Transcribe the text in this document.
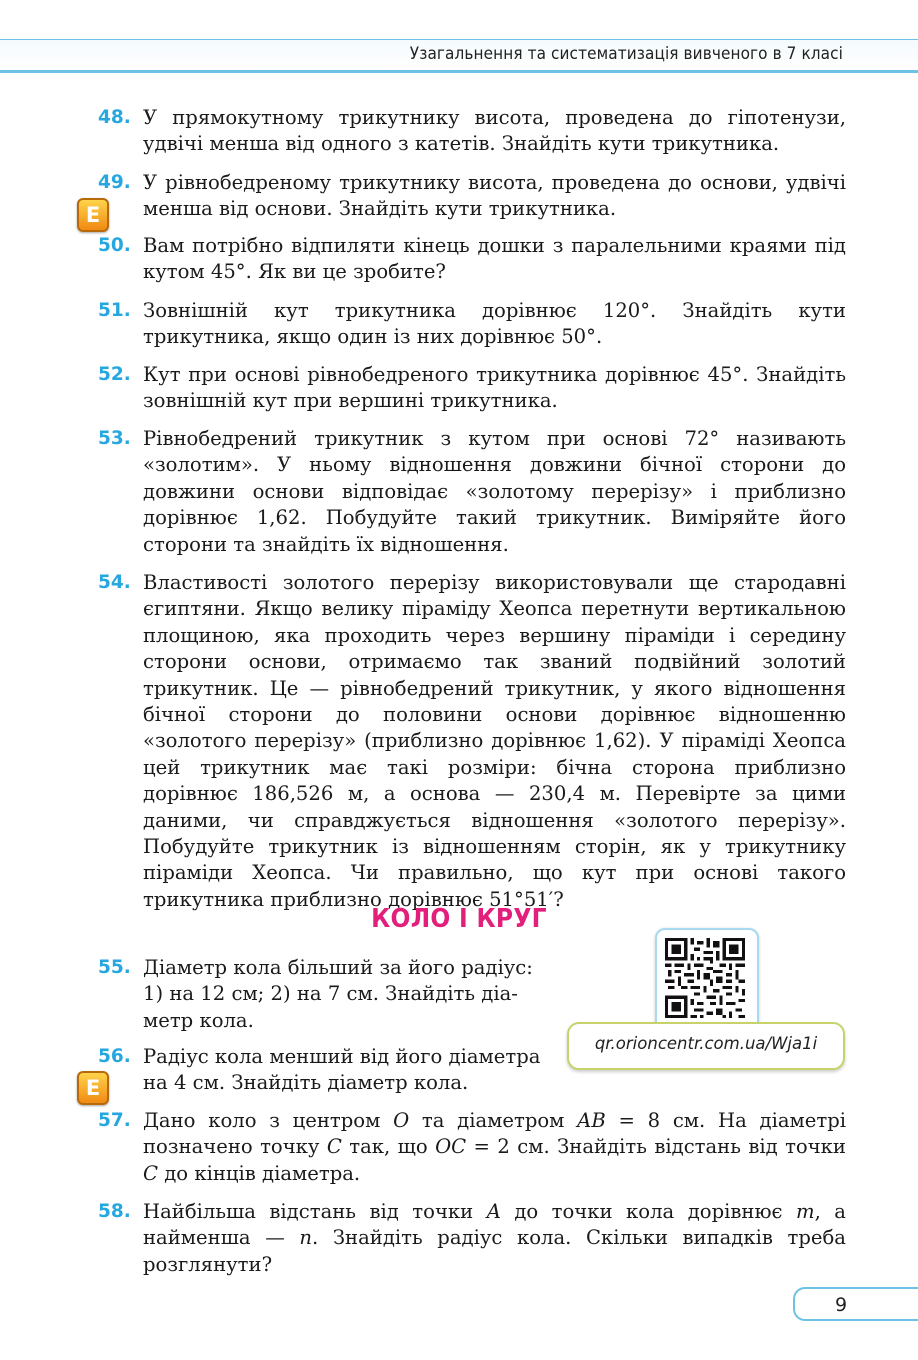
Узагальнення та систематизація вивченого в 7 класі
48. У прямокутному трикутнику висота, проведена до гіпотенузи, удвічі менша від одного з катетів. Знайдіть кути трикутника.
49. У рівнобедреному трикутнику висота, проведена до основи, удвічі менша від основи. Знайдіть кути трикутника.
E
50. Вам потрібно відпиляти кінець дошки з паралельними краями під кутом 45°. Як ви це зробите?
51. Зовнішній кут трикутника дорівнює 120°. Знайдіть кути трикутника, якщо один із них дорівнює 50°.
52. Кут при основі рівнобедреного трикутника дорівнює 45°. Знайдіть зовнішній кут при вершині трикутника.
53. Рівнобедрений трикутник з кутом при основі 72° називають «золотим». У ньому відношення довжини бічної сторони до довжини основи відповідає «золотому перерізу» і приблизно дорівнює 1,62. Побудуйте такий трикутник. Виміряйте його сторони та знайдіть їх відношення.
54. Властивості золотого перерізу використовували ще стародавні єгиптяни. Якщо велику піраміду Хеопса перетнути вертикальною площиною, яка проходить через вершину піраміди і середину сторони основи, отримаємо так званий подвійний золотий трикутник. Це — рівнобедрений трикутник, у якого відношення бічної сторони до половини основи дорівнює відношенню «золотого перерізу» (приблизно дорівнює 1,62). У піраміді Хеопса цей трикутник має такі розміри: бічна сторона приблизно дорівнює 186,526 м, а основа — 230,4 м. Перевірте за цими даними, чи справджується відношення «золотого перерізу». Побудуйте трикутник із відношенням сторін, як у трикутнику піраміди Хеопса. Чи правильно, що кут при основі такого трикутника приблизно дорівнює 51°51′?
КОЛО І КРУГ
qr.orioncentr.com.ua/Wja1i
55. Діаметр кола більший за його радіус:
1) на 12 см; 2) на 7 см. Знайдіть діа-
метр кола.
56. Радіус кола менший від його діаметра
на 4 см. Знайдіть діаметр кола.
E
57. Дано коло з центром O та діаметром AB = 8 см. На діаметрі позначено точку C так, що OC = 2 см. Знайдіть відстань від точки C до кінців діаметра.
58. Найбільша відстань від точки A до точки кола дорівнює m, а найменша — n. Знайдіть радіус кола. Скільки випадків треба розглянути?
9
